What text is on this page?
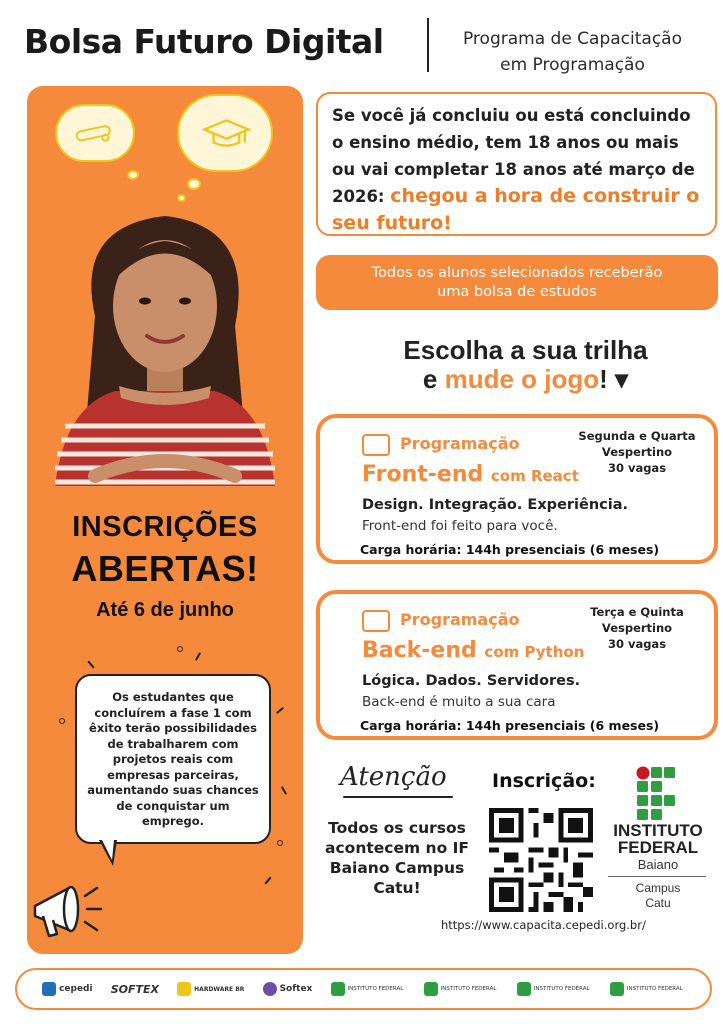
Bolsa Futuro Digital	Programa de Capacitação
em Programação
INSCRIÇÕES
ABERTAS!
Até 6 de junho
Os estudantes que concluírem a fase 1 com êxito terão possibilidades de trabalharem com projetos reais com empresas parceiras, aumentando suas chances de conquistar um emprego.
Se você já concluiu ou está concluindo o ensino médio, tem 18 anos ou mais ou vai completar 18 anos até março de 2026: chegou a hora de construir o seu futuro!
Todos os alunos selecionados receberão
uma bolsa de estudos
Escolha a sua trilha
e mude o jogo! ▾
Programação
Front-end com React
Design. Integração. Experiência.
Front-end foi feito para você.
Carga horária: 144h presenciais (6 meses)
Segunda e Quarta
Vespertino
30 vagas
Programação
Back-end com Python
Lógica. Dados. Servidores.
Back-end é muito a sua cara
Carga horária: 144h presenciais (6 meses)
Terça e Quinta
Vespertino
30 vagas
Atenção
Todos os cursos acontecem no IF Baiano Campus Catu!
Inscrição:
https://www.capacita.cepedi.org.br/
INSTITUTO
FEDERAL
Baiano
Campus
Catu
cepedi SOFTEX	HARDWARE BR	Softex	INSTITUTO FEDERAL	INSTITUTO FEDERAL	INSTITUTO FEDERAL	INSTITUTO FEDERAL
